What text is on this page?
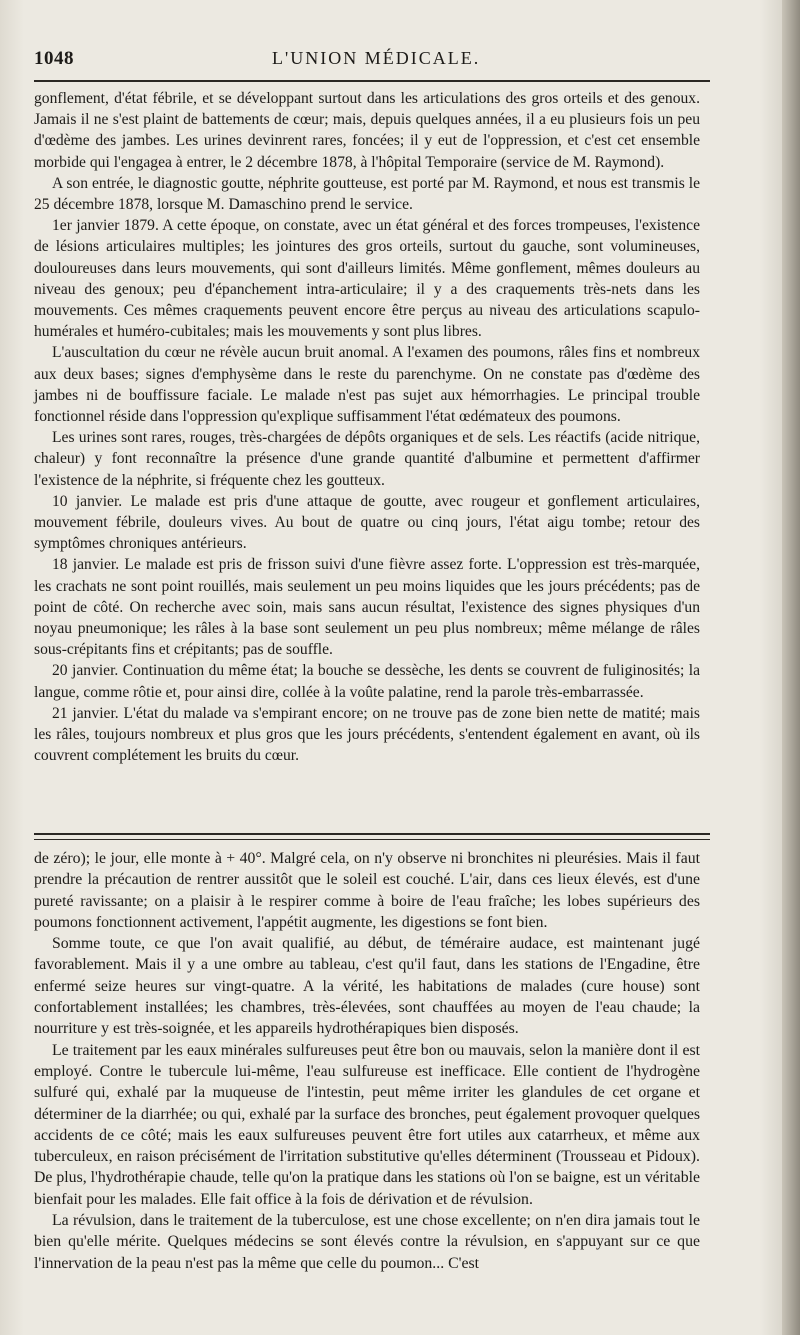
1048	L'UNION MÉDICALE.

gonflement, d'état fébrile, et se développant surtout dans les articulations des gros orteils et des genoux. Jamais il ne s'est plaint de battements de cœur; mais, depuis quelques années, il a eu plusieurs fois un peu d'œdème des jambes. Les urines devinrent rares, foncées; il y eut de l'oppression, et c'est cet ensemble morbide qui l'engagea à entrer, le 2 décembre 1878, à l'hôpital Temporaire (service de M. Raymond).

A son entrée, le diagnostic goutte, néphrite goutteuse, est porté par M. Raymond, et nous est transmis le 25 décembre 1878, lorsque M. Damaschino prend le service.

1er janvier 1879. A cette époque, on constate, avec un état général et des forces trompeuses, l'existence de lésions articulaires multiples; les jointures des gros orteils, surtout du gauche, sont volumineuses, douloureuses dans leurs mouvements, qui sont d'ailleurs limités. Même gonflement, mêmes douleurs au niveau des genoux; peu d'épanchement intra-articulaire; il y a des craquements très-nets dans les mouvements. Ces mêmes craquements peuvent encore être perçus au niveau des articulations scapulo-humérales et huméro-cubitales; mais les mouvements y sont plus libres.

L'auscultation du cœur ne révèle aucun bruit anomal. A l'examen des poumons, râles fins et nombreux aux deux bases; signes d'emphysème dans le reste du parenchyme. On ne constate pas d'œdème des jambes ni de bouffissure faciale. Le malade n'est pas sujet aux hémorrhagies. Le principal trouble fonctionnel réside dans l'oppression qu'explique suffisamment l'état œdémateux des poumons.

Les urines sont rares, rouges, très-chargées de dépôts organiques et de sels. Les réactifs (acide nitrique, chaleur) y font reconnaître la présence d'une grande quantité d'albumine et permettent d'affirmer l'existence de la néphrite, si fréquente chez les goutteux.

10 janvier. Le malade est pris d'une attaque de goutte, avec rougeur et gonflement articulaires, mouvement fébrile, douleurs vives. Au bout de quatre ou cinq jours, l'état aigu tombe; retour des symptômes chroniques antérieurs.

18 janvier. Le malade est pris de frisson suivi d'une fièvre assez forte. L'oppression est très-marquée, les crachats ne sont point rouillés, mais seulement un peu moins liquides que les jours précédents; pas de point de côté. On recherche avec soin, mais sans aucun résultat, l'existence des signes physiques d'un noyau pneumonique; les râles à la base sont seulement un peu plus nombreux; même mélange de râles sous-crépitants fins et crépitants; pas de souffle.

20 janvier. Continuation du même état; la bouche se dessèche, les dents se couvrent de fuliginosités; la langue, comme rôtie et, pour ainsi dire, collée à la voûte palatine, rend la parole très-embarrassée.

21 janvier. L'état du malade va s'empirant encore; on ne trouve pas de zone bien nette de matité; mais les râles, toujours nombreux et plus gros que les jours précédents, s'entendent également en avant, où ils couvrent complétement les bruits du cœur.

de zéro); le jour, elle monte à + 40°. Malgré cela, on n'y observe ni bronchites ni pleurésies. Mais il faut prendre la précaution de rentrer aussitôt que le soleil est couché. L'air, dans ces lieux élevés, est d'une pureté ravissante; on a plaisir à le respirer comme à boire de l'eau fraîche; les lobes supérieurs des poumons fonctionnent activement, l'appétit augmente, les digestions se font bien.

Somme toute, ce que l'on avait qualifié, au début, de téméraire audace, est maintenant jugé favorablement. Mais il y a une ombre au tableau, c'est qu'il faut, dans les stations de l'Engadine, être enfermé seize heures sur vingt-quatre. A la vérité, les habitations de malades (cure house) sont confortablement installées; les chambres, très-élevées, sont chauffées au moyen de l'eau chaude; la nourriture y est très-soignée, et les appareils hydrothérapiques bien disposés.

Le traitement par les eaux minérales sulfureuses peut être bon ou mauvais, selon la manière dont il est employé. Contre le tubercule lui-même, l'eau sulfureuse est inefficace. Elle contient de l'hydrogène sulfuré qui, exhalé par la muqueuse de l'intestin, peut même irriter les glandules de cet organe et déterminer de la diarrhée; ou qui, exhalé par la surface des bronches, peut également provoquer quelques accidents de ce côté; mais les eaux sulfureuses peuvent être fort utiles aux catarrheux, et même aux tuberculeux, en raison précisément de l'irritation substitutive qu'elles déterminent (Trousseau et Pidoux). De plus, l'hydrothérapie chaude, telle qu'on la pratique dans les stations où l'on se baigne, est un véritable bienfait pour les malades. Elle fait office à la fois de dérivation et de révulsion.

La révulsion, dans le traitement de la tuberculose, est une chose excellente; on n'en dira jamais tout le bien qu'elle mérite. Quelques médecins se sont élevés contre la révulsion, en s'appuyant sur ce que l'innervation de la peau n'est pas la même que celle du poumon... C'est
